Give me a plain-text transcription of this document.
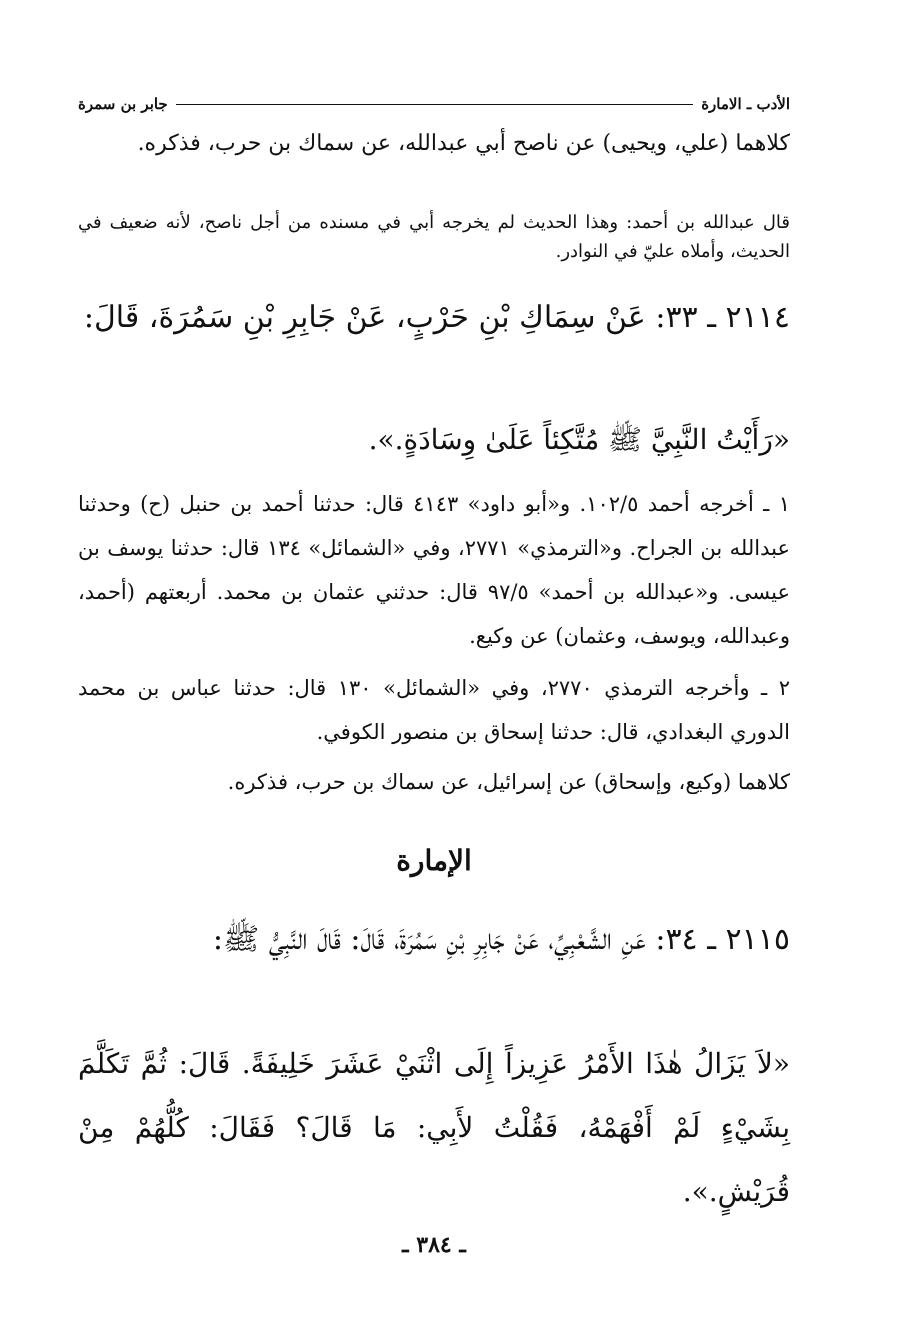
الأدب ـ الامارة
جابر بن سمرة

كلاهما (علي، ويحيى) عن ناصح أبي عبدالله، عن سماك بن حرب، فذكره.

قال عبدالله بن أحمد: وهذا الحديث لم يخرجه أبي في مسنده من أجل ناصح، لأنه ضعيف في الحديث، وأملاه عليّ في النوادر.

٢١١٤ ـ ٣٣: عَنْ سِمَاكِ بْنِ حَرْبٍ، عَنْ جَابِرِ بْنِ سَمُرَةَ، قَالَ:

«رَأَيْتُ النَّبِيَّ ﷺ مُتَّكِئاً عَلَىٰ وِسَادَةٍ.».

١ ـ أخرجه أحمد ١٠٢/٥. و«أبو داود» ٤١٤٣ قال: حدثنا أحمد بن حنبل (ح) وحدثنا عبدالله بن الجراح. و«الترمذي» ٢٧٧١، وفي «الشمائل» ١٣٤ قال: حدثنا يوسف بن عيسى. و«عبدالله بن أحمد» ٩٧/٥ قال: حدثني عثمان بن محمد. أربعتهم (أحمد، وعبدالله، ويوسف، وعثمان) عن وكيع.

٢ ـ وأخرجه الترمذي ٢٧٧٠، وفي «الشمائل» ١٣٠ قال: حدثنا عباس بن محمد الدوري البغدادي، قال: حدثنا إسحاق بن منصور الكوفي.

كلاهما (وكيع، وإسحاق) عن إسرائيل، عن سماك بن حرب، فذكره.

الإمارة

٢١١٥ ـ ٣٤: عَنِ الشَّعْبِيِّ، عَنْ جَابِرِ بْنِ سَمُرَةَ، قَالَ: قَالَ النَّبِيُّ ﷺ:

«لاَ يَزَالُ هٰذَا الأَمْرُ عَزِيزاً إِلَى اثْنَيْ عَشَرَ خَلِيفَةً. قَالَ: ثُمَّ تَكَلَّمَ بِشَيْءٍ لَمْ أَفْهَمْهُ، فَقُلْتُ لأَبِي: مَا قَالَ؟ فَقَالَ: كُلُّهُمْ مِنْ قُرَيْشٍ.».

ـ ٣٨٤ ـ
